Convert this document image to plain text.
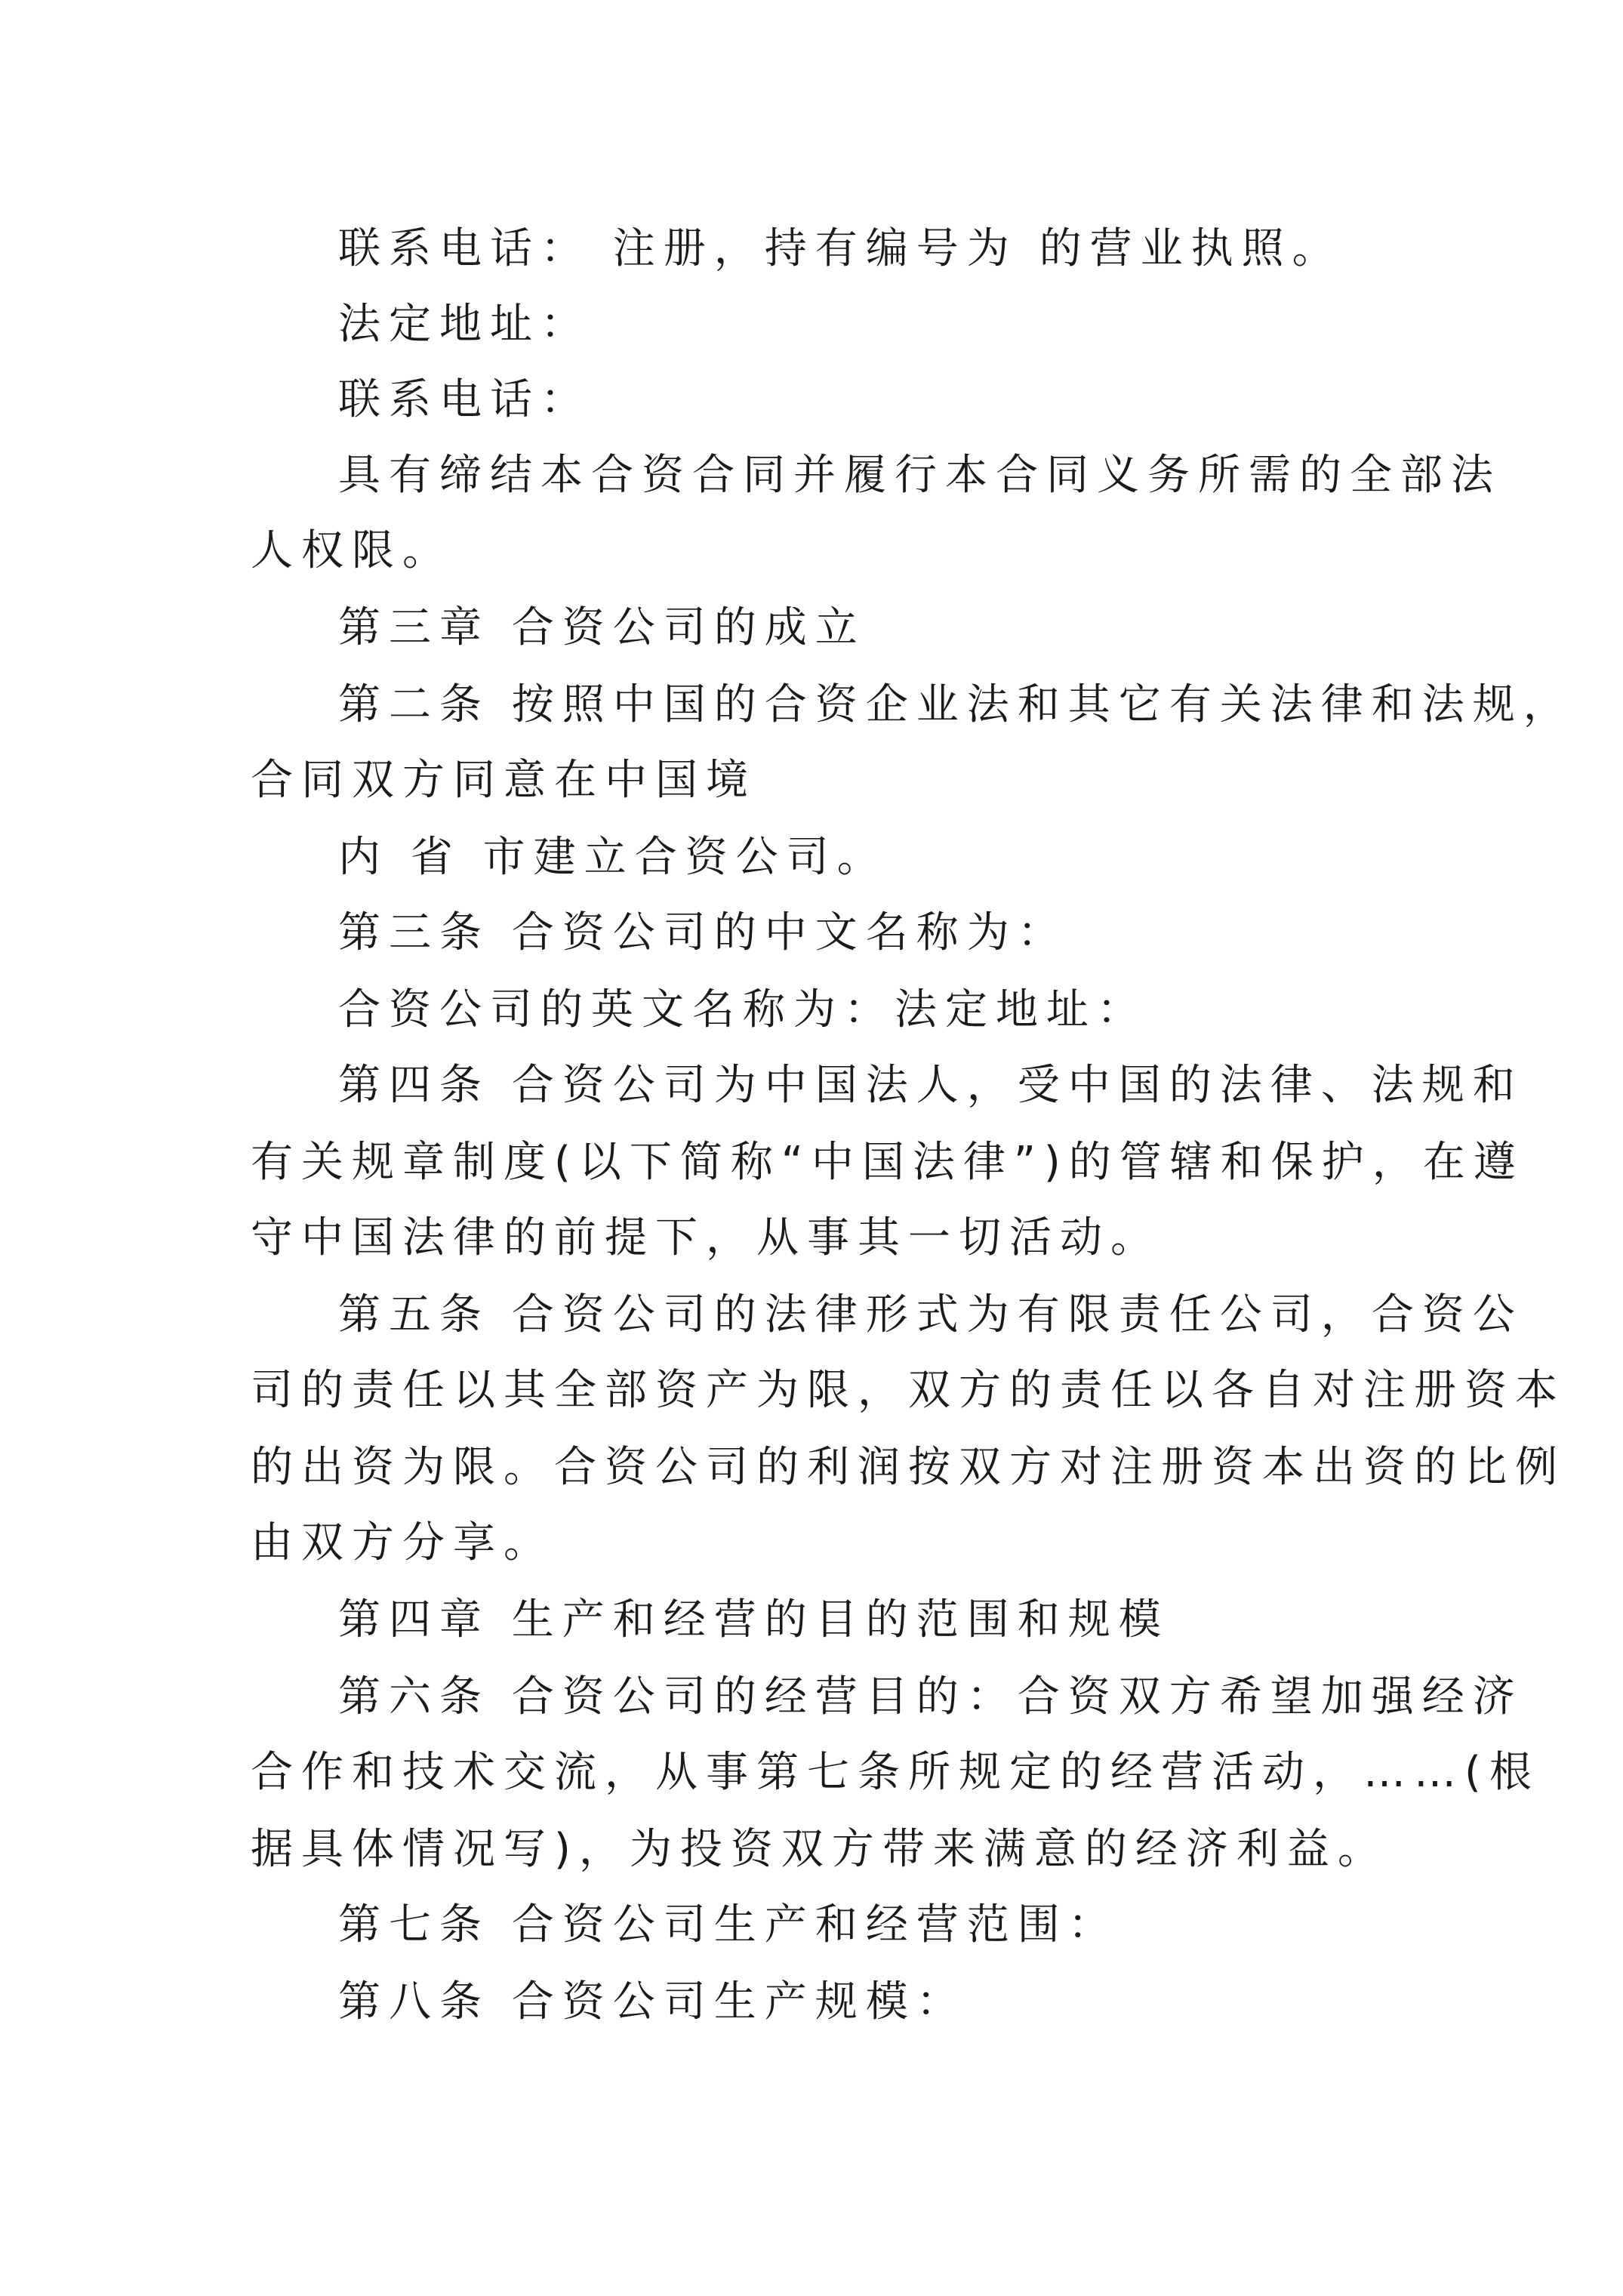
联系电话： 注册，持有编号为 的营业执照。
法定地址：
联系电话：
具有缔结本合资合同并履行本合同义务所需的全部法
人权限。
第三章 合资公司的成立
第二条 按照中国的合资企业法和其它有关法律和法规，
合同双方同意在中国境
内 省 市建立合资公司。
第三条 合资公司的中文名称为：
合资公司的英文名称为：法定地址：
第四条 合资公司为中国法人，受中国的法律、法规和
有关规章制度(以下简称“中国法律”)的管辖和保护，在遵
守中国法律的前提下，从事其一切活动。
第五条 合资公司的法律形式为有限责任公司，合资公
司的责任以其全部资产为限，双方的责任以各自对注册资本
的出资为限。合资公司的利润按双方对注册资本出资的比例
由双方分享。
第四章 生产和经营的目的范围和规模
第六条 合资公司的经营目的：合资双方希望加强经济
合作和技术交流，从事第七条所规定的经营活动，……(根
据具体情况写)，为投资双方带来满意的经济利益。
第七条 合资公司生产和经营范围：
第八条 合资公司生产规模：
